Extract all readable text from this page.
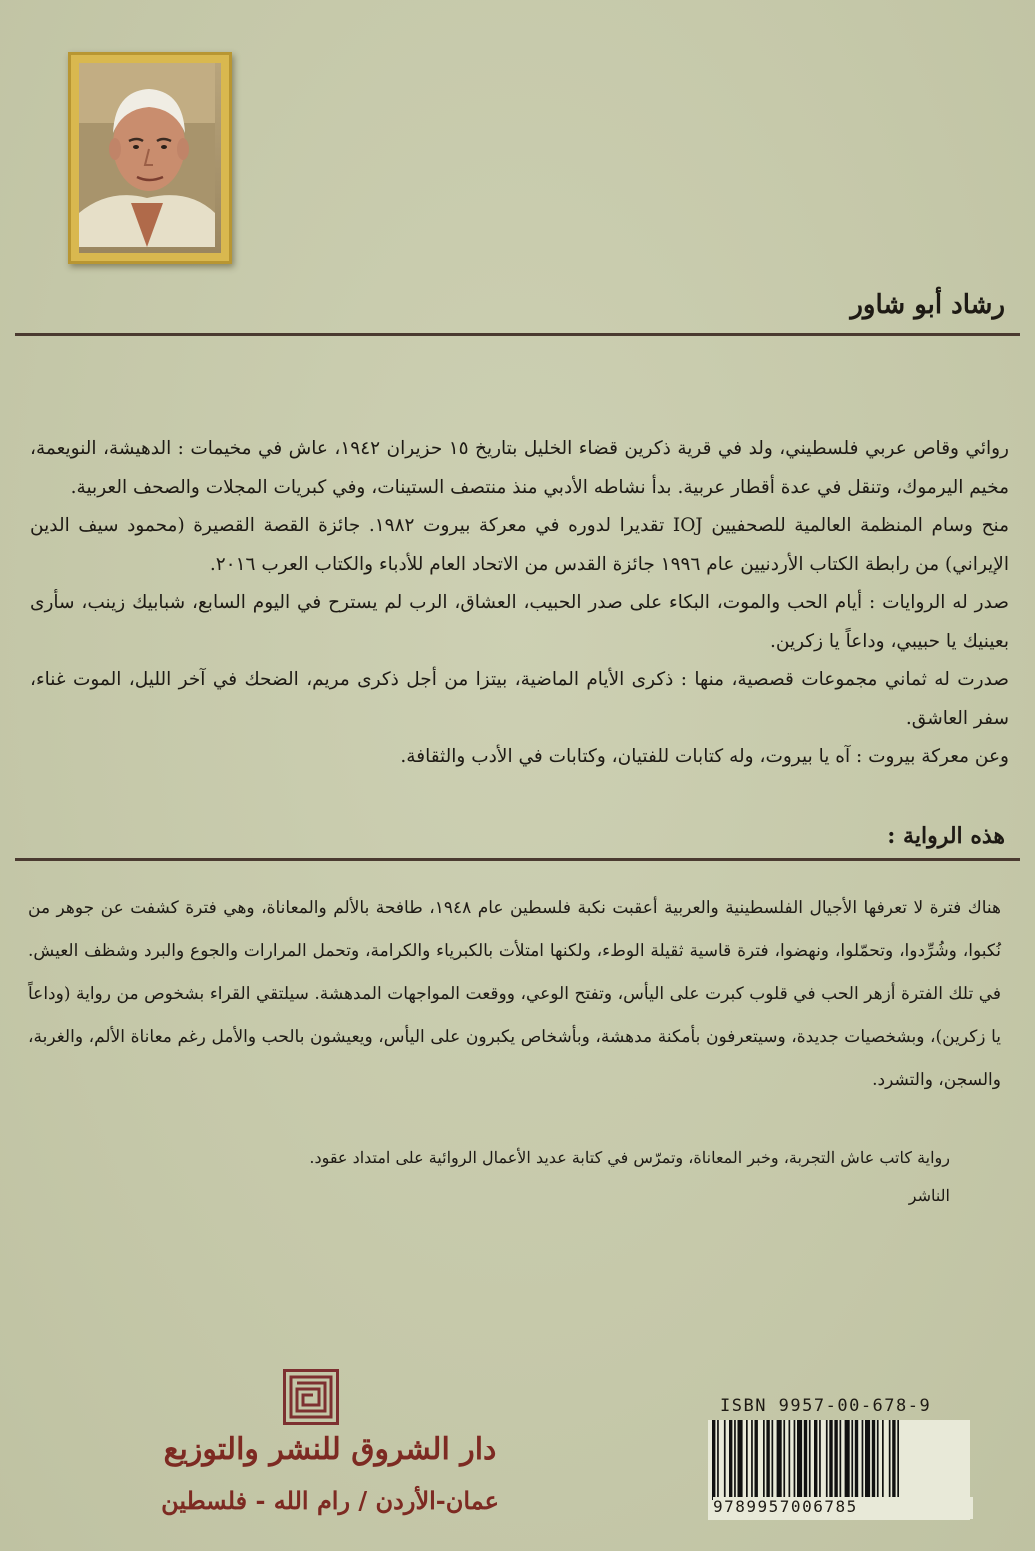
رشاد أبو شاور

روائي وقاص عربي فلسطيني، ولد في قرية ذكرين قضاء الخليل بتاريخ ١٥ حزيران ١٩٤٢، عاش في مخيمات : الدهيشة، النويعمة، مخيم اليرموك، وتنقل في عدة أقطار عربية. بدأ نشاطه الأدبي منذ منتصف الستينات، وفي كبريات المجلات والصحف العربية.

منح وسام المنظمة العالمية للصحفيين IOJ تقديرا لدوره في معركة بيروت ١٩٨٢. جائزة القصة القصيرة (محمود سيف الدين الإيراني) من رابطة الكتاب الأردنيين عام ١٩٩٦ جائزة القدس من الاتحاد العام للأدباء والكتاب العرب ٢٠١٦.

صدر له الروايات : أيام الحب والموت، البكاء على صدر الحبيب، العشاق، الرب لم يسترح في اليوم السابع، شبابيك زينب، سأرى بعينيك يا حبيبي، وداعاً يا زكرين.

صدرت له ثماني مجموعات قصصية، منها : ذكرى الأيام الماضية، بيتزا من أجل ذكرى مريم، الضحك في آخر الليل، الموت غناء، سفر العاشق.

وعن معركة بيروت : آه يا بيروت، وله كتابات للفتيان، وكتابات في الأدب والثقافة.

هذه الرواية :

هناك فترة لا تعرفها الأجيال الفلسطينية والعربية أعقبت نكبة فلسطين عام ١٩٤٨، طافحة بالألم والمعاناة، وهي فترة كشفت عن جوهر من نُكبوا، وشُرِّدوا، وتحمّلوا، ونهضوا، فترة قاسية ثقيلة الوطء، ولكنها امتلأت بالكبرياء والكرامة، وتحمل المرارات والجوع والبرد وشظف العيش. في تلك الفترة أزهر الحب في قلوب كبرت على اليأس، وتفتح الوعي، ووقعت المواجهات المدهشة. سيلتقي القراء بشخوص من رواية (وداعاً يا زكرين)، وبشخصيات جديدة، وسيتعرفون بأمكنة مدهشة، وبأشخاص يكبرون على اليأس، ويعيشون بالحب والأمل رغم معاناة الألم، والغربة، والسجن، والتشرد.

رواية كاتب عاش التجربة، وخبر المعاناة، وتمرّس في كتابة عديد الأعمال الروائية على امتداد عقود.
الناشر
دار الشروق للنشر والتوزيع
عمان-الأردن / رام الله - فلسطين
ISBN 9957-00-678-9
9789957006785
